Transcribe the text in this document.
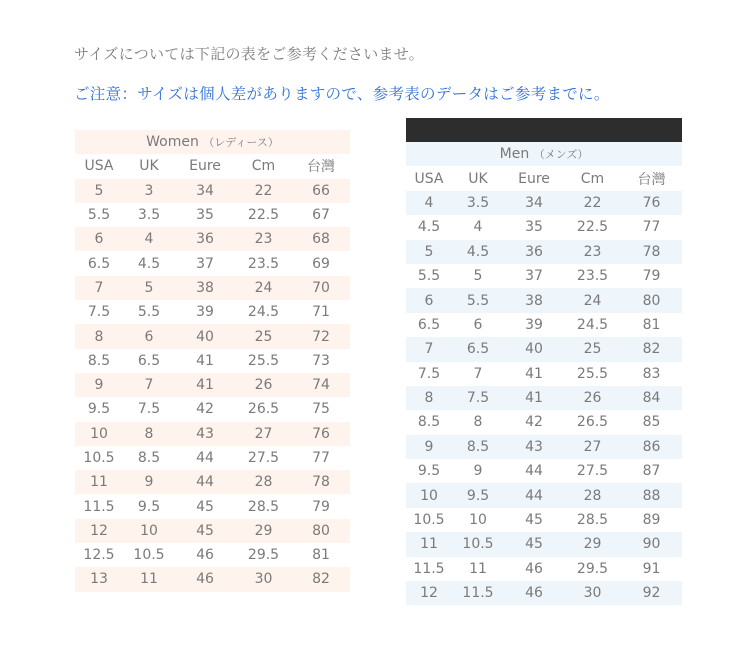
サイズについては下記の表をご参考くださいませ。
ご注意：サイズは個人差がありますので、参考表のデータはご参考までに。
Women （レディース）				
USA	UK	Eure	Cm	台灣
5	3	34	22	66
5.5	3.5	35	22.5	67
6	4	36	23	68
6.5	4.5	37	23.5	69
7	5	38	24	70
7.5	5.5	39	24.5	71
8	6	40	25	72
8.5	6.5	41	25.5	73
9	7	41	26	74
9.5	7.5	42	26.5	75
10	8	43	27	76
10.5	8.5	44	27.5	77
11	9	44	28	78
11.5	9.5	45	28.5	79
12	10	45	29	80
12.5	10.5	46	29.5	81
13	11	46	30	82
Men （メンズ）				
USA	UK	Eure	Cm	台灣
4	3.5	34	22	76
4.5	4	35	22.5	77
5	4.5	36	23	78
5.5	5	37	23.5	79
6	5.5	38	24	80
6.5	6	39	24.5	81
7	6.5	40	25	82
7.5	7	41	25.5	83
8	7.5	41	26	84
8.5	8	42	26.5	85
9	8.5	43	27	86
9.5	9	44	27.5	87
10	9.5	44	28	88
10.5	10	45	28.5	89
11	10.5	45	29	90
11.5	11	46	29.5	91
12	11.5	46	30	92
